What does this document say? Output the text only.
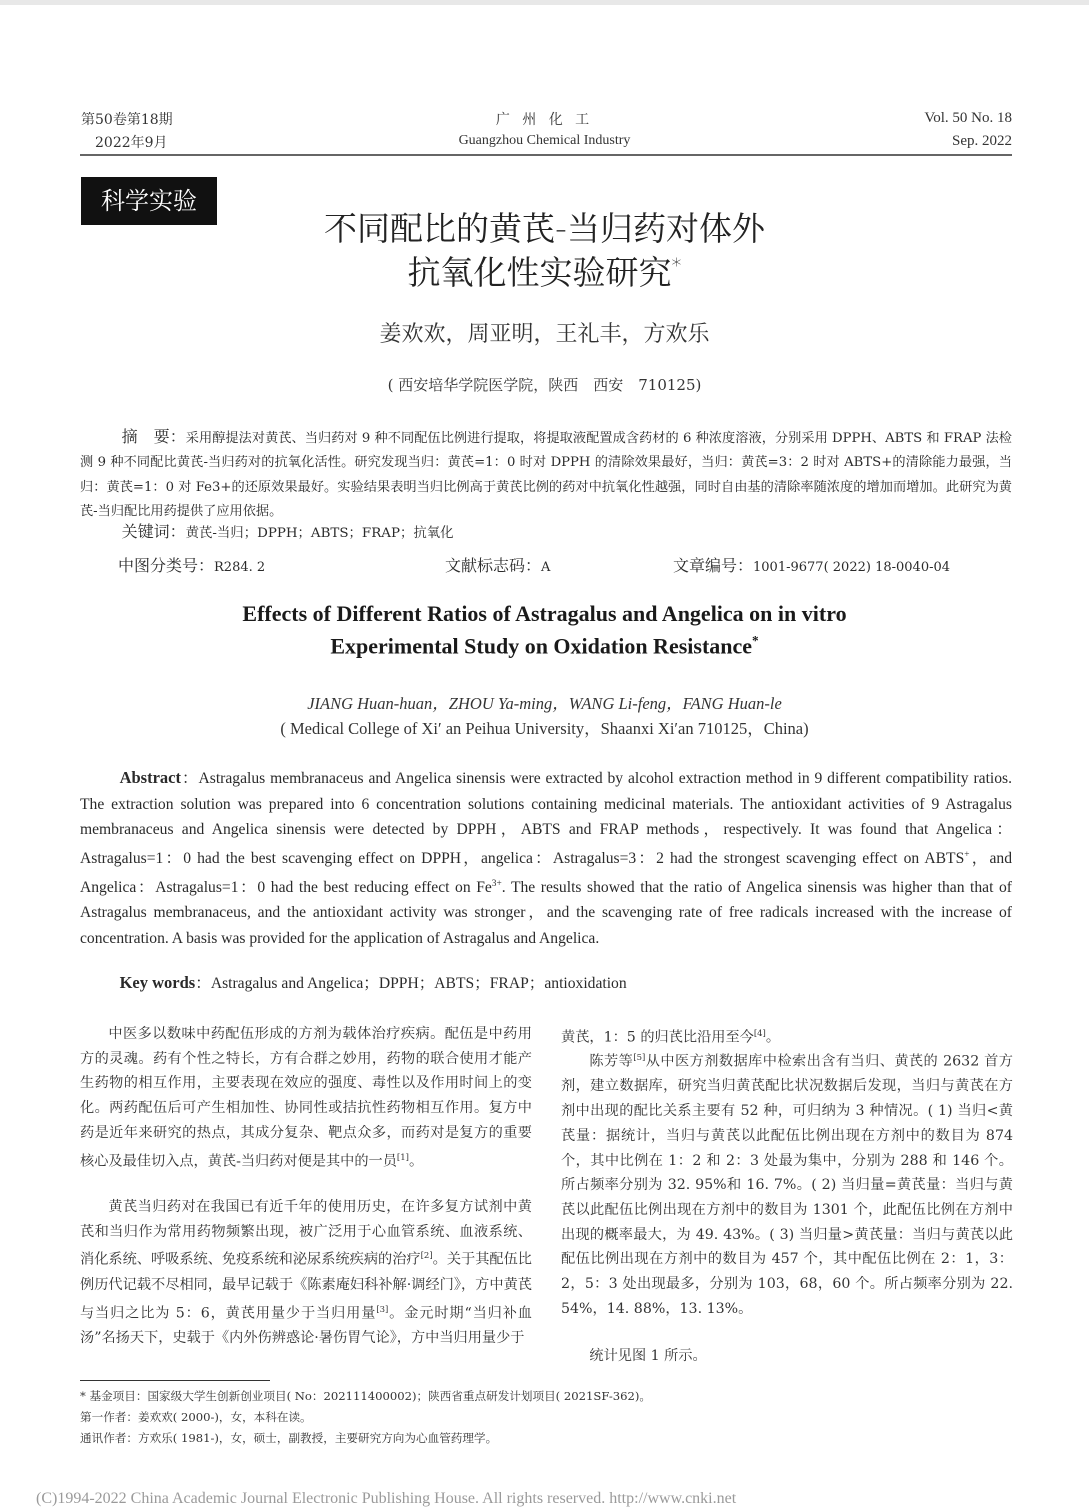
第50卷第18期
2022年9月
广 州 化 工
Guangzhou Chemical Industry
Vol. 50 No. 18
Sep. 2022
科学实验
不同配比的黄芪-当归药对体外
抗氧化性实验研究*
姜欢欢，周亚明，王礼丰，方欢乐
( 西安培华学院医学院，陕西　西安　710125)
摘　要：采用醇提法对黄芪、当归药对 9 种不同配伍比例进行提取，将提取液配置成含药材的 6 种浓度溶液，分别采用 DPPH、ABTS 和 FRAP 法检测 9 种不同配比黄芪-当归药对的抗氧化活性。研究发现当归：黄芪=1：0 时对 DPPH 的清除效果最好，当归：黄芪=3：2 时对 ABTS+的清除能力最强，当归：黄芪=1：0 对 Fe3+的还原效果最好。实验结果表明当归比例高于黄芪比例的药对中抗氧化性越强，同时自由基的清除率随浓度的增加而增加。此研究为黄芪-当归配比用药提供了应用依据。
关键词：黄芪-当归；DPPH；ABTS；FRAP；抗氧化
中图分类号：R284. 2	文献标志码：A	文章编号：1001-9677( 2022) 18-0040-04
Effects of Different Ratios of Astragalus and Angelica on in vitro
Experimental Study on Oxidation Resistance*
JIANG Huan-huan，ZHOU Ya-ming，WANG Li-feng，FANG Huan-le
( Medical College of Xi′ an Peihua University，Shaanxi Xi′an 710125，China)
Abstract：Astragalus membranaceus and Angelica sinensis were extracted by alcohol extraction method in 9 different compatibility ratios. The extraction solution was prepared into 6 concentration solutions containing medicinal materials. The antioxidant activities of 9 Astragalus membranaceus and Angelica sinensis were detected by DPPH，ABTS and FRAP methods，respectively. It was found that Angelica：Astragalus=1：0 had the best scavenging effect on DPPH，angelica：Astragalus=3：2 had the strongest scavenging effect on ABTS+，and Angelica：Astragalus=1：0 had the best reducing effect on $Fe^{3+}$. The results showed that the ratio of Angelica sinensis was higher than that of Astragalus membranaceus, and the antioxidant activity was stronger，and the scavenging rate of free radicals increased with the increase of concentration. A basis was provided for the application of Astragalus and Angelica.
Key words：Astragalus and Angelica；DPPH；ABTS；FRAP；antioxidation
中医多以数味中药配伍形成的方剂为载体治疗疾病。配伍是中药用方的灵魂。药有个性之特长，方有合群之妙用，药物的联合使用才能产生药物的相互作用，主要表现在效应的强度、毒性以及作用时间上的变化。两药配伍后可产生相加性、协同性或拮抗性药物相互作用。复方中药是近年来研究的热点，其成分复杂、靶点众多，而药对是复方的重要核心及最佳切入点，黄芪-当归药对便是其中的一员[1]。
黄芪当归药对在我国已有近千年的使用历史，在许多复方试剂中黄芪和当归作为常用药物频繁出现，被广泛用于心血管系统、血液系统、消化系统、呼吸系统、免疫系统和泌尿系统疾病的治疗[2]。关于其配伍比例历代记载不尽相同，最早记载于《陈素庵妇科补解·调经门》，方中黄芪与当归之比为 5：6，黄芪用量少于当归用量[3]。金元时期“当归补血汤”名扬天下，史载于《内外伤辨惑论·暑伤胃气论》，方中当归用量少于
黄芪，1：5 的归芪比沿用至今[4]。
陈芳等[5]从中医方剂数据库中检索出含有当归、黄芪的 2632 首方剂，建立数据库，研究当归黄芪配比状况数据后发现，当归与黄芪在方剂中出现的配比关系主要有 52 种，可归纳为 3 种情况。( 1) 当归<黄芪量：据统计，当归与黄芪以此配伍比例出现在方剂中的数目为 874 个，其中比例在 1：2 和 2：3 处最为集中，分别为 288 和 146 个。所占频率分别为 32. 95%和 16. 7%。( 2) 当归量=黄芪量：当归与黄芪以此配伍比例出现在方剂中的数目为 1301 个，此配伍比例在方剂中出现的概率最大，为 49. 43%。( 3) 当归量>黄芪量：当归与黄芪以此配伍比例出现在方剂中的数目为 457 个，其中配伍比例在 2：1，3：2，5：3 处出现最多，分别为 103，68，60 个。所占频率分别为 22. 54%，14. 88%，13. 13%。
统计见图 1 所示。
* 基金项目：国家级大学生创新创业项目( No：202111400002)；陕西省重点研发计划项目( 2021SF-362)。
第一作者：姜欢欢( 2000-)，女，本科在读。
通讯作者：方欢乐( 1981-)，女，硕士，副教授，主要研究方向为心血管药理学。
(C)1994-2022 China Academic Journal Electronic Publishing House. All rights reserved. http://www.cnki.net
